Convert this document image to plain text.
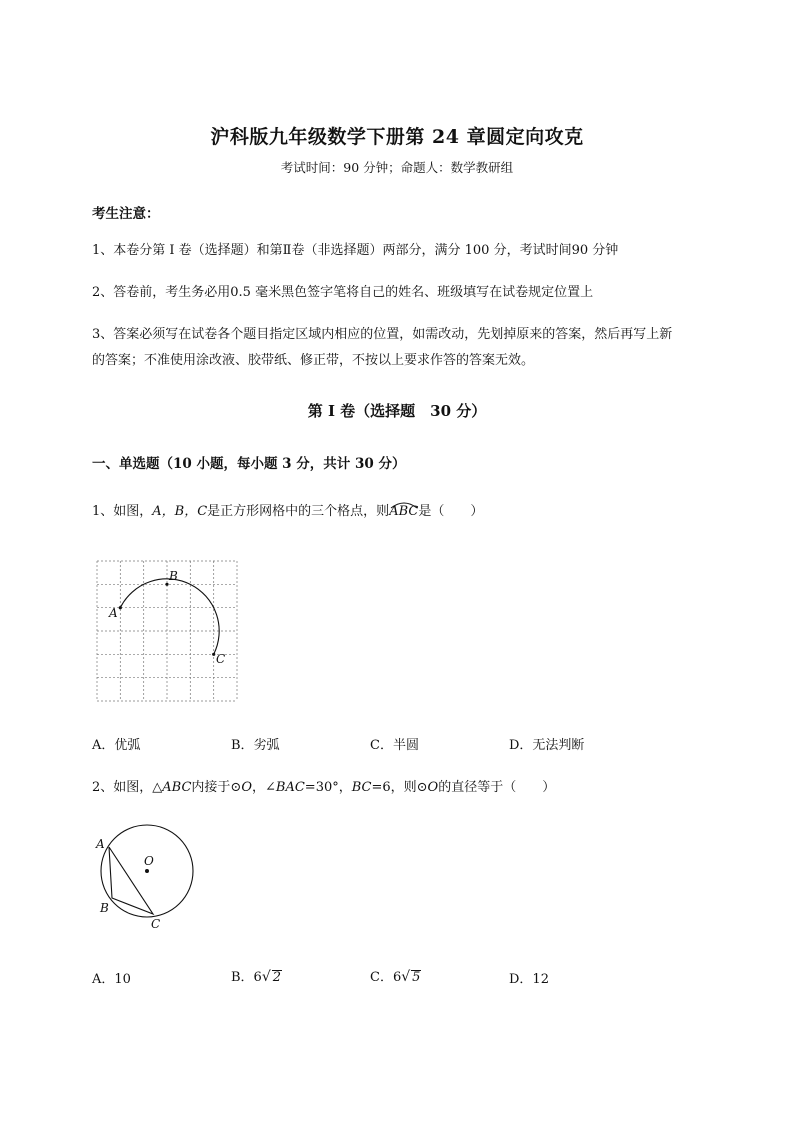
沪科版九年级数学下册第 24 章圆定向攻克
考试时间：90 分钟；命题人：数学教研组
考生注意：
1、本卷分第 I 卷（选择题）和第Ⅱ卷（非选择题）两部分，满分 100 分，考试时间90 分钟
2、答卷前，考生务必用0.5 毫米黑色签字笔将自己的姓名、班级填写在试卷规定位置上
3、答案必须写在试卷各个题目指定区域内相应的位置，如需改动，先划掉原来的答案，然后再写上新
的答案；不准使用涂改液、胶带纸、修正带，不按以上要求作答的答案无效。
第 I 卷（选择题　30 分）
一、单选题（10 小题，每小题 3 分，共计 30 分）
1、如图，A，B，C是正方形网格中的三个格点，则
ABC是（　　）
A
B
C
A．优弧	B．劣弧	C．半圆	D．无法判断
2、如图，△ABC内接于⊙O，∠BAC=30°，BC=6，则⊙O的直径等于（　　）
A
O
B
C
A．10	B．6√ 2	C．6√ 5	D．12
